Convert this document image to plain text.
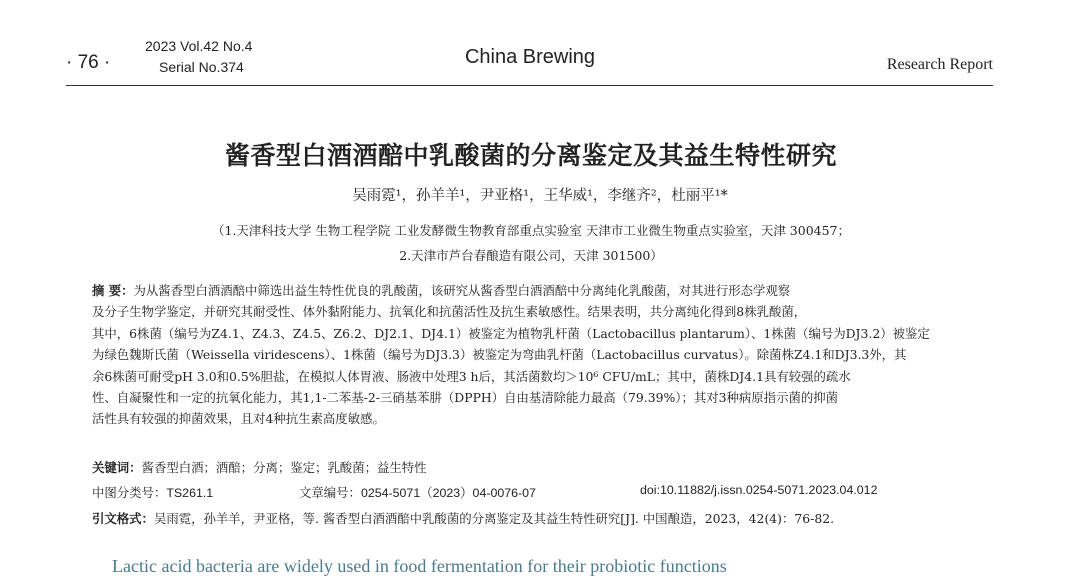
· 76 ·
2023 Vol.42 No.4
Serial No.374	China Brewing	Research Report
酱香型白酒酒醅中乳酸菌的分离鉴定及其益生特性研究
吴雨霓¹，孙羊羊¹，尹亚格¹，王华威¹，李继齐²，杜丽平¹*
（1.天津科技大学 生物工程学院 工业发酵微生物教育部重点实验室 天津市工业微生物重点实验室，天津 300457；
2.天津市芦台春酿造有限公司，天津 301500）
摘 要：为从酱香型白酒酒醅中筛选出益生特性优良的乳酸菌，该研究从酱香型白酒酒醅中分离纯化乳酸菌，对其进行形态学观察
及分子生物学鉴定，并研究其耐受性、体外黏附能力、抗氧化和抗菌活性及抗生素敏感性。结果表明，共分离纯化得到8株乳酸菌，
其中，6株菌（编号为Z4.1、Z4.3、Z4.5、Z6.2、DJ2.1、DJ4.1）被鉴定为植物乳杆菌（Lactobacillus plantarum）、1株菌（编号为DJ3.2）被鉴定
为绿色魏斯氏菌（Weissella viridescens）、1株菌（编号为DJ3.3）被鉴定为弯曲乳杆菌（Lactobacillus curvatus）。除菌株Z4.1和DJ3.3外，其
余6株菌可耐受pH 3.0和0.5%胆盐，在模拟人体胃液、肠液中处理3 h后，其活菌数均＞10⁶ CFU/mL；其中，菌株DJ4.1具有较强的疏水
性、自凝聚性和一定的抗氧化能力，其1,1-二苯基-2-三硝基苯肼（DPPH）自由基清除能力最高（79.39%）；其对3种病原指示菌的抑菌
活性具有较强的抑菌效果，且对4种抗生素高度敏感。
关键词：酱香型白酒；酒醅；分离；鉴定；乳酸菌；益生特性
中图分类号：TS261.1	文章编号：0254-5071（2023）04-0076-07	doi:10.11882/j.issn.0254-5071.2023.04.012
引文格式：吴雨霓，孙羊羊，尹亚格，等. 酱香型白酒酒醅中乳酸菌的分离鉴定及其益生特性研究[J]. 中国酿造，2023，42(4)：76-82.
Lactic acid bacteria are widely used in food fermentation for their probiotic functions
